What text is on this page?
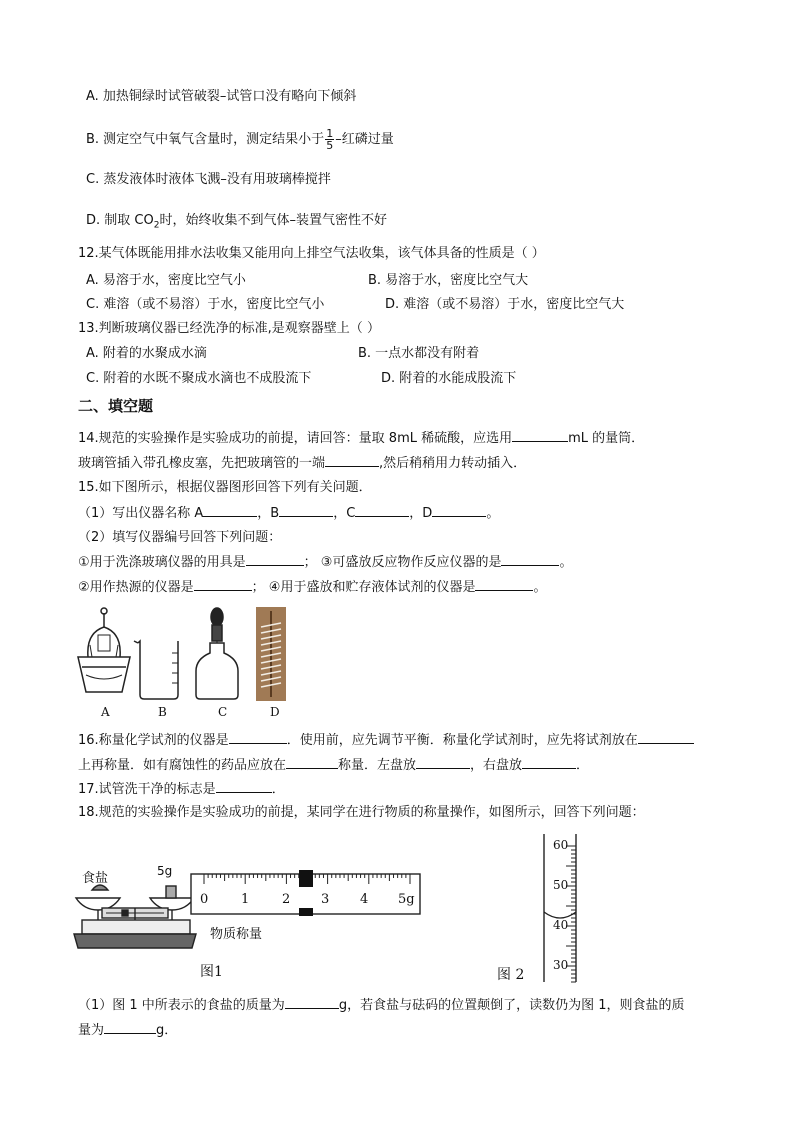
A. 加热铜绿时试管破裂–试管口没有略向下倾斜
B. 测定空气中氧气含量时，测定结果小于 $\frac{1}{5}$ –红磷过量
C. 蒸发液体时液体飞溅–没有用玻璃棒搅拌
D. 制取 $CO_2$时，始终收集不到气体–装置气密性不好
12.某气体既能用排水法收集又能用向上排空气法收集，该气体具备的性质是（ ）
A. 易溶于水，密度比空气小	B. 易溶于水，密度比空气大
C. 难溶（或不易溶）于水，密度比空气小	D. 难溶（或不易溶）于水，密度比空气大
13.判断玻璃仪器已经洗净的标准,是观察器壁上（ ）
A. 附着的水聚成水滴	B. 一点水都没有附着
C. 附着的水既不聚成水滴也不成股流下	D. 附着的水能成股流下
二、填空题
14.规范的实验操作是实验成功的前提，请回答：量取 8mL 稀硫酸，应选用	mL 的量筒．
玻璃管插入带孔橡皮塞，先把玻璃管的一端	,然后稍稍用力转动插入．
15.如下图所示，根据仪器图形回答下列有关问题．
（1）写出仪器名称 A	，B	，C	，D	。
（2）填写仪器编号回答下列问题：
①用于洗涤玻璃仪器的用具是	； ③可盛放反应物作反应仪器的是	。
②用作热源的仪器是	； ④用于盛放和贮存液体试剂的仪器是	。
A	B	C	D
16.称量化学试剂的仪器是	．使用前，应先调节平衡．称量化学试剂时，应先将试剂放在
上再称量．如有腐蚀性的药品应放在	称量．左盘放	，右盘放	．
17.试管洗干净的标志是	．
18.规范的实验操作是实验成功的前提，某同学在进行物质的称量操作，如图所示，回答下列问题：
食盐	5g
0	1	2 3 4 5g
物质称量
图1
60
50
40
30
图 2
（1）图 1 中所表示的食盐的质量为	g，若食盐与砝码的位置颠倒了，读数仍为图 1，则食盐的质
量为	g．
